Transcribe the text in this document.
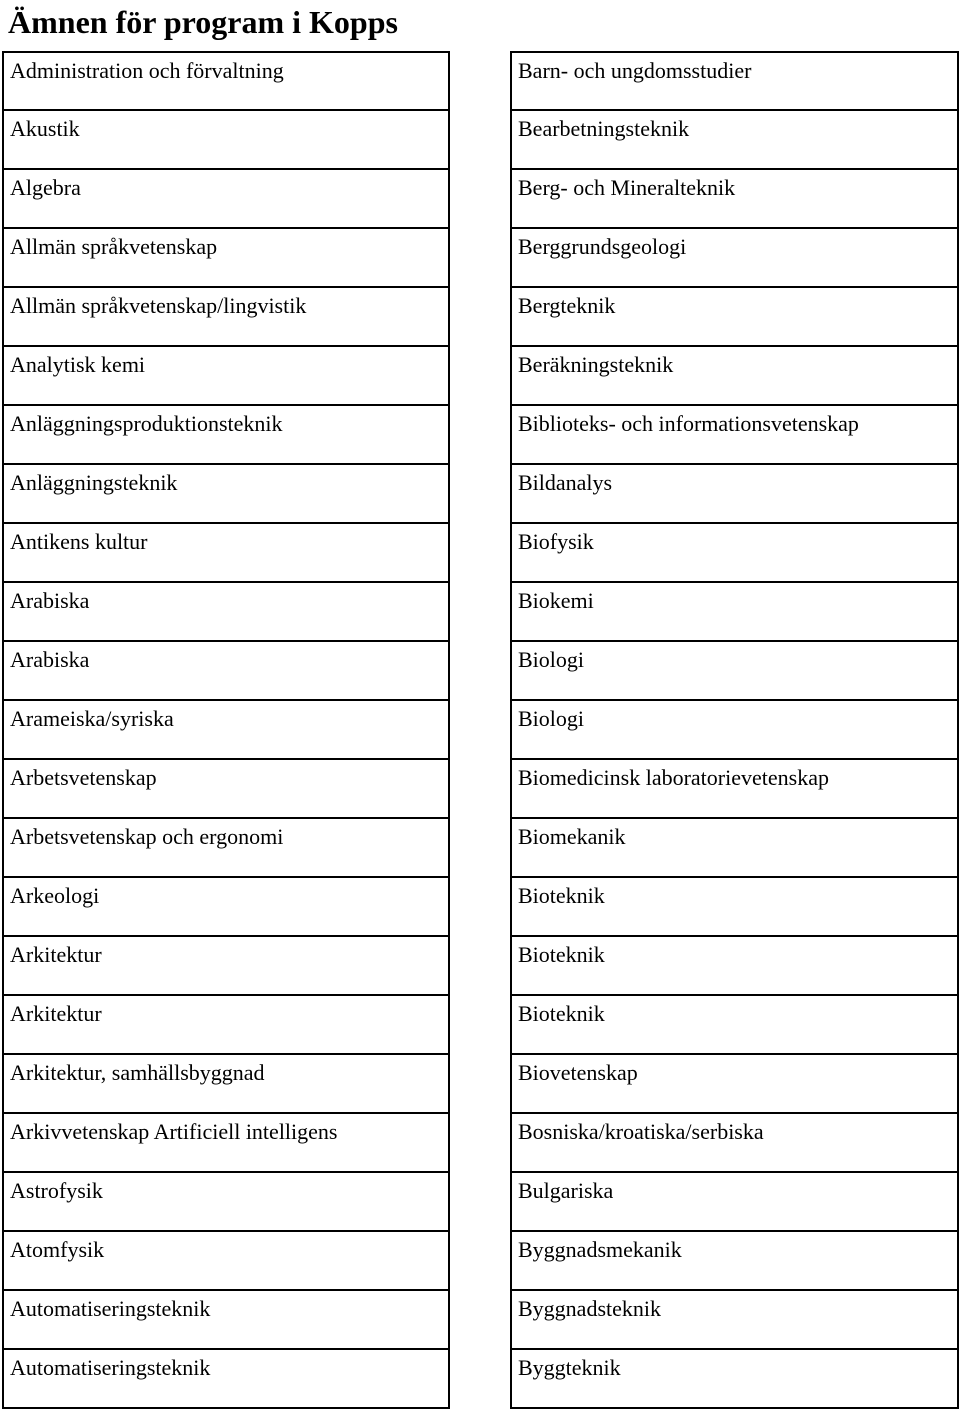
Ämnen för program i Kopps
Administration och förvaltning
Akustik
Algebra
Allmän språkvetenskap
Allmän språkvetenskap/lingvistik
Analytisk kemi
Anläggningsproduktionsteknik
Anläggningsteknik
Antikens kultur
Arabiska
Arabiska
Arameiska/syriska
Arbetsvetenskap
Arbetsvetenskap och ergonomi
Arkeologi
Arkitektur
Arkitektur
Arkitektur, samhällsbyggnad
Arkivvetenskap Artificiell intelligens
Astrofysik
Atomfysik
Automatiseringsteknik
Automatiseringsteknik
Barn- och ungdomsstudier
Bearbetningsteknik
Berg- och Mineralteknik
Berggrundsgeologi
Bergteknik
Beräkningsteknik
Biblioteks- och informationsvetenskap
Bildanalys
Biofysik
Biokemi
Biologi
Biologi
Biomedicinsk laboratorievetenskap
Biomekanik
Bioteknik
Bioteknik
Bioteknik
Biovetenskap
Bosniska/kroatiska/serbiska
Bulgariska
Byggnadsmekanik
Byggnadsteknik
Byggteknik
